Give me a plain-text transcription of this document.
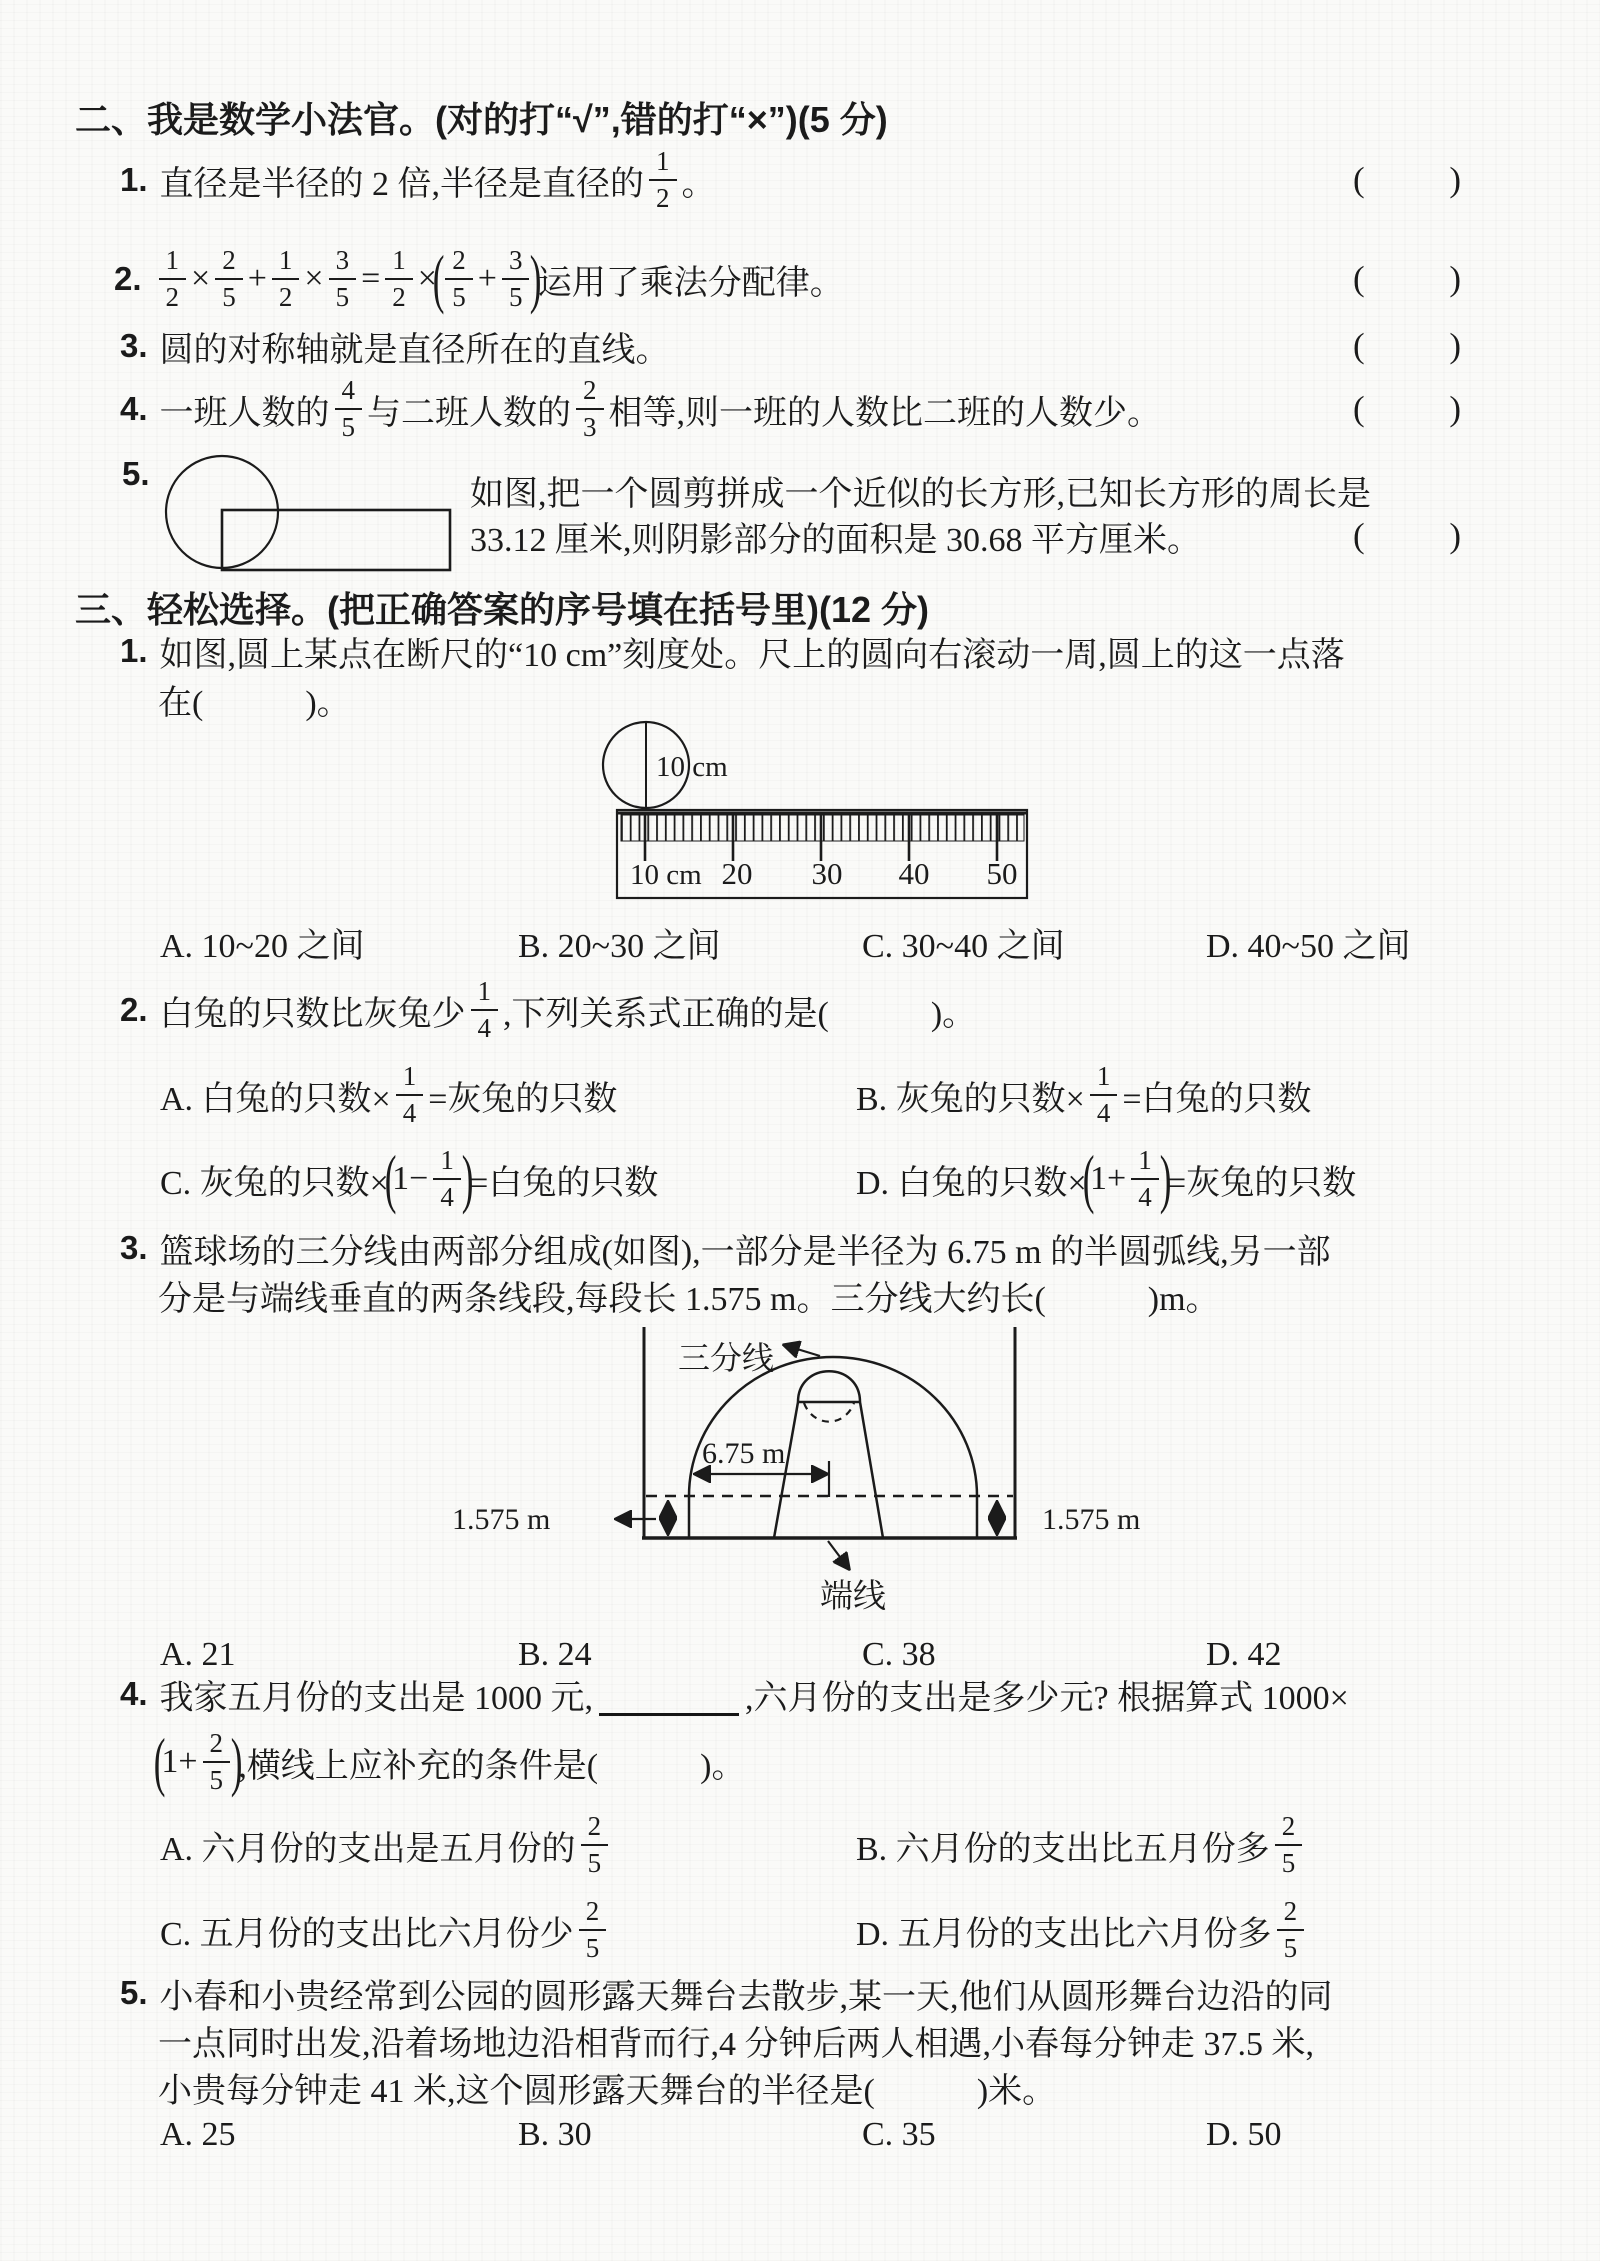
二、我是数学小法官。(对的打“√”,错的打“×”)(5 分)
1. 直径是半径的 2 倍,半径是直径的 $\frac{1}{2}$ 。	( )
2. $\frac{1}{2} \times \frac{2}{5} + \frac{1}{2} \times \frac{3}{5} = \frac{1}{2}$ ×
( $\frac{2}{5} + \frac{3}{5}$ )
运用了乘法分配律。	( )
3. 圆的对称轴就是直径所在的直线。	( )
4. 一班人数的 $\frac{4}{5}$ 与二班人数的 $\frac{2}{3}$ 相等,则一班的人数比二班的人数少。	( )
5.
如图,把一个圆剪拼成一个近似的长方形,已知长方形的周长是
33.12 厘米,则阴影部分的面积是 30.68 平方厘米。	( )
三、轻松选择。(把正确答案的序号填在括号里)(12 分)
1. 如图,圆上某点在断尺的“10 cm”刻度处。尺上的圆向右滚动一周,圆上的这一点落
在(　　　)。
10 cm
10 cm 20 30 40 50
A. 10~20 之间	B. 20~30 之间	C. 30~40 之间	D. 40~50 之间
2. 白兔的只数比灰兔少 $\frac{1}{4}$ ,下列关系式正确的是(　　　)。
A. 白兔的只数× $\frac{1}{4}$ =灰兔的只数	B. 灰兔的只数× $\frac{1}{4}$ =白兔的只数
C. 灰兔的只数×
(
$1- \frac{1}{4}$ )
=白兔的只数	D. 白兔的只数×
(
$1+ \frac{1}{4}$ )
=灰兔的只数
3. 篮球场的三分线由两部分组成(如图),一部分是半径为 6.75 m 的半圆弧线,另一部
分是与端线垂直的两条线段,每段长 1.575 m。三分线大约长(　　　)m。
6.75 m
1.575 m	1.575 m
三分线
端线
A. 21	B. 24	C. 38	D. 42
4. 我家五月份的支出是 1000 元,	,六月份的支出是多少元? 根据算式 1000×
(
$1+ \frac{2}{5}$ )
,横线上应补充的条件是(　　　)。
A. 六月份的支出是五月份的 $\frac{2}{5}$	B. 六月份的支出比五月份多 $\frac{2}{5}$
C. 五月份的支出比六月份少 $\frac{2}{5}$	D. 五月份的支出比六月份多 $\frac{2}{5}$
5. 小春和小贵经常到公园的圆形露天舞台去散步,某一天,他们从圆形舞台边沿的同
一点同时出发,沿着场地边沿相背而行,4 分钟后两人相遇,小春每分钟走 37.5 米,
小贵每分钟走 41 米,这个圆形露天舞台的半径是(　　　)米。
A. 25	B. 30	C. 35	D. 50
